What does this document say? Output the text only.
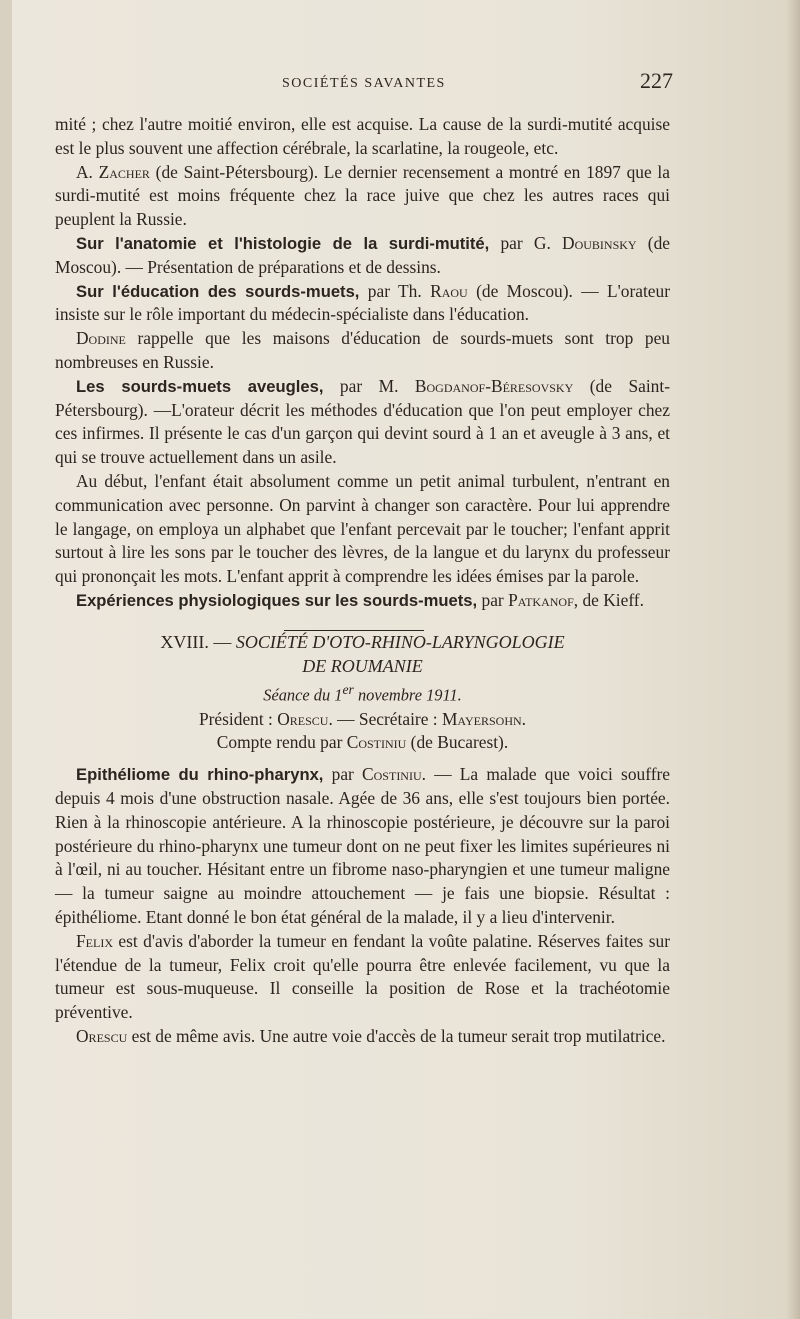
SOCIÉTÉS SAVANTES	227

mité ; chez l'autre moitié environ, elle est acquise. La cause de la surdi-mutité acquise est le plus souvent une affection cérébrale, la scarlatine, la rougeole, etc.

A. Zacher (de Saint-Pétersbourg). Le dernier recensement a montré en 1897 que la surdi-mutité est moins fréquente chez la race juive que chez les autres races qui peuplent la Russie.

Sur l'anatomie et l'histologie de la surdi-mutité, par G. Doubinsky (de Moscou). — Présentation de préparations et de dessins.

Sur l'éducation des sourds-muets, par Th. Raou (de Moscou). — L'orateur insiste sur le rôle important du médecin-spécialiste dans l'éducation.

Dodine rappelle que les maisons d'éducation de sourds-muets sont trop peu nombreuses en Russie.

Les sourds-muets aveugles, par M. Bogdanof-Béresovsky (de Saint-Pétersbourg). —L'orateur décrit les méthodes d'éducation que l'on peut employer chez ces infirmes. Il présente le cas d'un garçon qui devint sourd à 1 an et aveugle à 3 ans, et qui se trouve actuellement dans un asile.

Au début, l'enfant était absolument comme un petit animal turbulent, n'entrant en communication avec personne. On parvint à changer son caractère. Pour lui apprendre le langage, on employa un alphabet que l'enfant percevait par le toucher; l'enfant apprit surtout à lire les sons par le toucher des lèvres, de la langue et du larynx du professeur qui prononçait les mots. L'enfant apprit à comprendre les idées émises par la parole.

Expériences physiologiques sur les sourds-muets, par Patkanof, de Kieff.

XVIII. — SOCIÉTÉ D'OTO-RHINO-LARYNGOLOGIE

DE ROUMANIE

Séance du 1er novembre 1911.

Président : Orescu. — Secrétaire : Mayersohn.

Compte rendu par Costiniu (de Bucarest).

Epithéliome du rhino-pharynx, par Costiniu. — La malade que voici souffre depuis 4 mois d'une obstruction nasale. Agée de 36 ans, elle s'est toujours bien portée. Rien à la rhinoscopie antérieure. A la rhinoscopie postérieure, je découvre sur la paroi postérieure du rhino-pharynx une tumeur dont on ne peut fixer les limites supérieures ni à l'œil, ni au toucher. Hésitant entre un fibrome naso-pharyngien et une tumeur maligne — la tumeur saigne au moindre attouchement — je fais une biopsie. Résultat : épithéliome. Etant donné le bon état général de la malade, il y a lieu d'intervenir.

Felix est d'avis d'aborder la tumeur en fendant la voûte palatine. Réserves faites sur l'étendue de la tumeur, Felix croit qu'elle pourra être enlevée facilement, vu que la tumeur est sous-muqueuse. Il conseille la position de Rose et la trachéotomie préventive.

Orescu est de même avis. Une autre voie d'accès de la tumeur serait trop mutilatrice.
